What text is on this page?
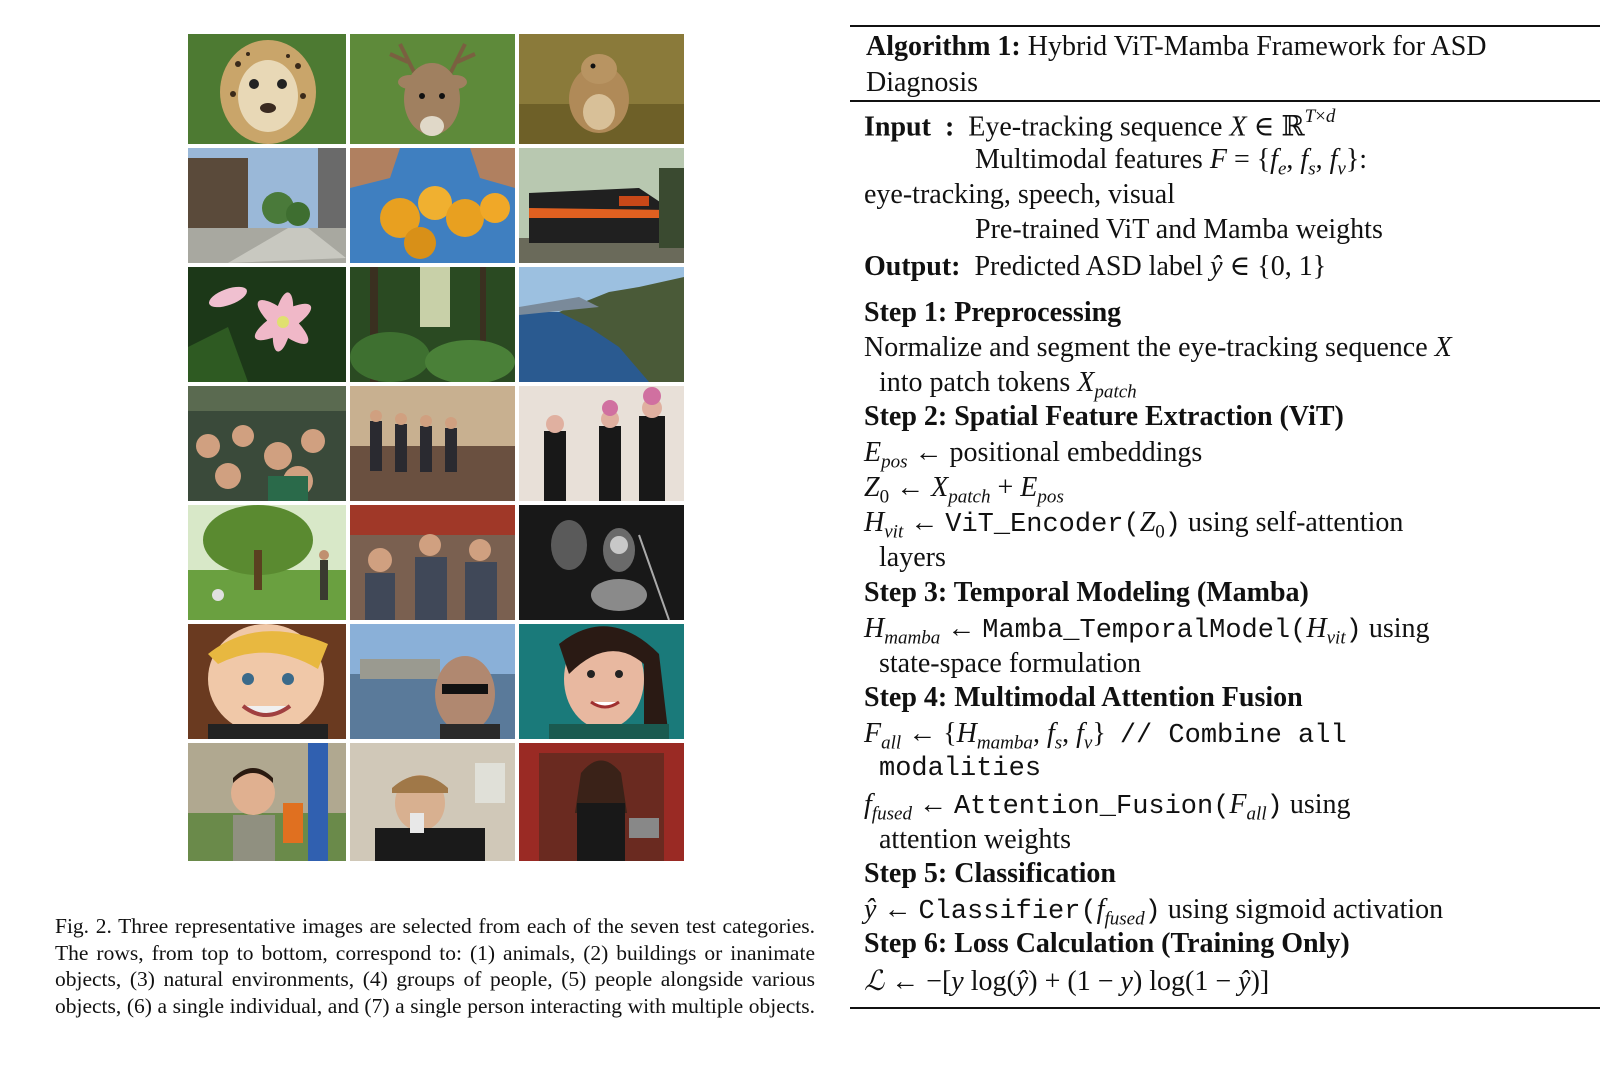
Fig. 2. Three representative images are selected from each of the seven test categories. The rows, from top to bottom, correspond to: (1) animals, (2) buildings or inanimate objects, (3) natural environments, (4) groups of people, (5) people alongside various objects, (6) a single individual, and (7) a single person interacting with multiple objects.
Algorithm 1: Hybrid ViT-Mamba Framework for ASD Diagnosis
Input : Eye-tracking sequence X ∈ ℝ$^{T\times d}$
Multimodal features $F = \{f_e$, $f_s$, $f_v$}:
eye-tracking, speech, visual
Pre-trained ViT and Mamba weights
Output: Predicted ASD label ŷ ∈ {0, 1}
Step 1: Preprocessing
Normalize and segment the eye-tracking sequence X
into patch tokens $X_{patch}$
Step 2: Spatial Feature Extraction (ViT)
$E_{pos}$ ← positional embeddings
$Z_0$ ← $X_{patch} + E_{pos}$
$H_{vit}$ ← $ViT\_Encoder(Z_0)$ using self-attention
layers
Step 3: Temporal Modeling (Mamba)
$H_{mamba}$ ← $Mamba\_TemporalModel(H_{vit})$ using
state-space formulation
Step 4: Multimodal Attention Fusion
$F_{all}$ ← {$H_{mamba}$, $f_s$, $f_v$}  // Combine all
modalities
$f_{fused}$ ← $Attention\_Fusion(F_{all})$ using
attention weights
Step 5: Classification
ŷ ← $Classifier(f_{fused})$ using sigmoid activation
Step 6: Loss Calculation (Training Only)
ℒ ← −[y log(ŷ) + (1 − y) log(1 − ŷ)]
